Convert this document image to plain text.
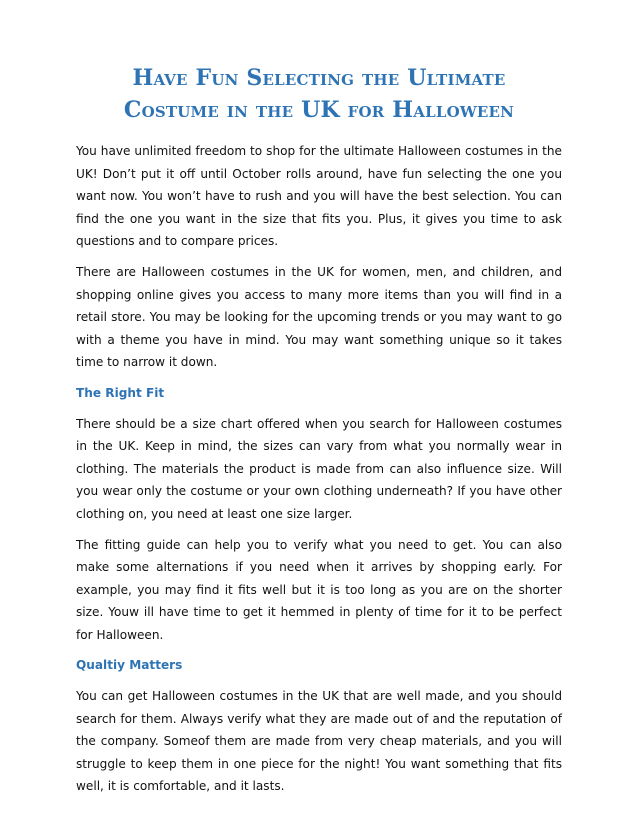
Have Fun Selecting the Ultimate
Costume in the UK for Halloween

You have unlimited freedom to shop for the ultimate Halloween costumes in the UK! Don’t put it off until October rolls around, have fun selecting the one you want now. You won’t have to rush and you will have the best selection. You can find the one you want in the size that fits you. Plus, it gives you time to ask questions and to compare prices.

There are Halloween costumes in the UK for women, men, and children, and shopping online gives you access to many more items than you will find in a retail store. You may be looking for the upcoming trends or you may want to go with a theme you have in mind. You may want something unique so it takes time to narrow it down.

The Right Fit

There should be a size chart offered when you search for Halloween costumes in the UK. Keep in mind, the sizes can vary from what you normally wear in clothing. The materials the product is made from can also influence size. Will you wear only the costume or your own clothing underneath? If you have other clothing on, you need at least one size larger.

The fitting guide can help you to verify what you need to get. You can also make some alternations if you need when it arrives by shopping early. For example, you may find it fits well but it is too long as you are on the shorter size. Youw ill have time to get it hemmed in plenty of time for it to be perfect for Halloween.

Qualtiy Matters

You can get Halloween costumes in the UK that are well made, and you should search for them. Always verify what they are made out of and the reputation of the company. Someof them are made from very cheap materials, and you will struggle to keep them in one piece for the night! You want something that fits well, it is comfortable, and it lasts.
